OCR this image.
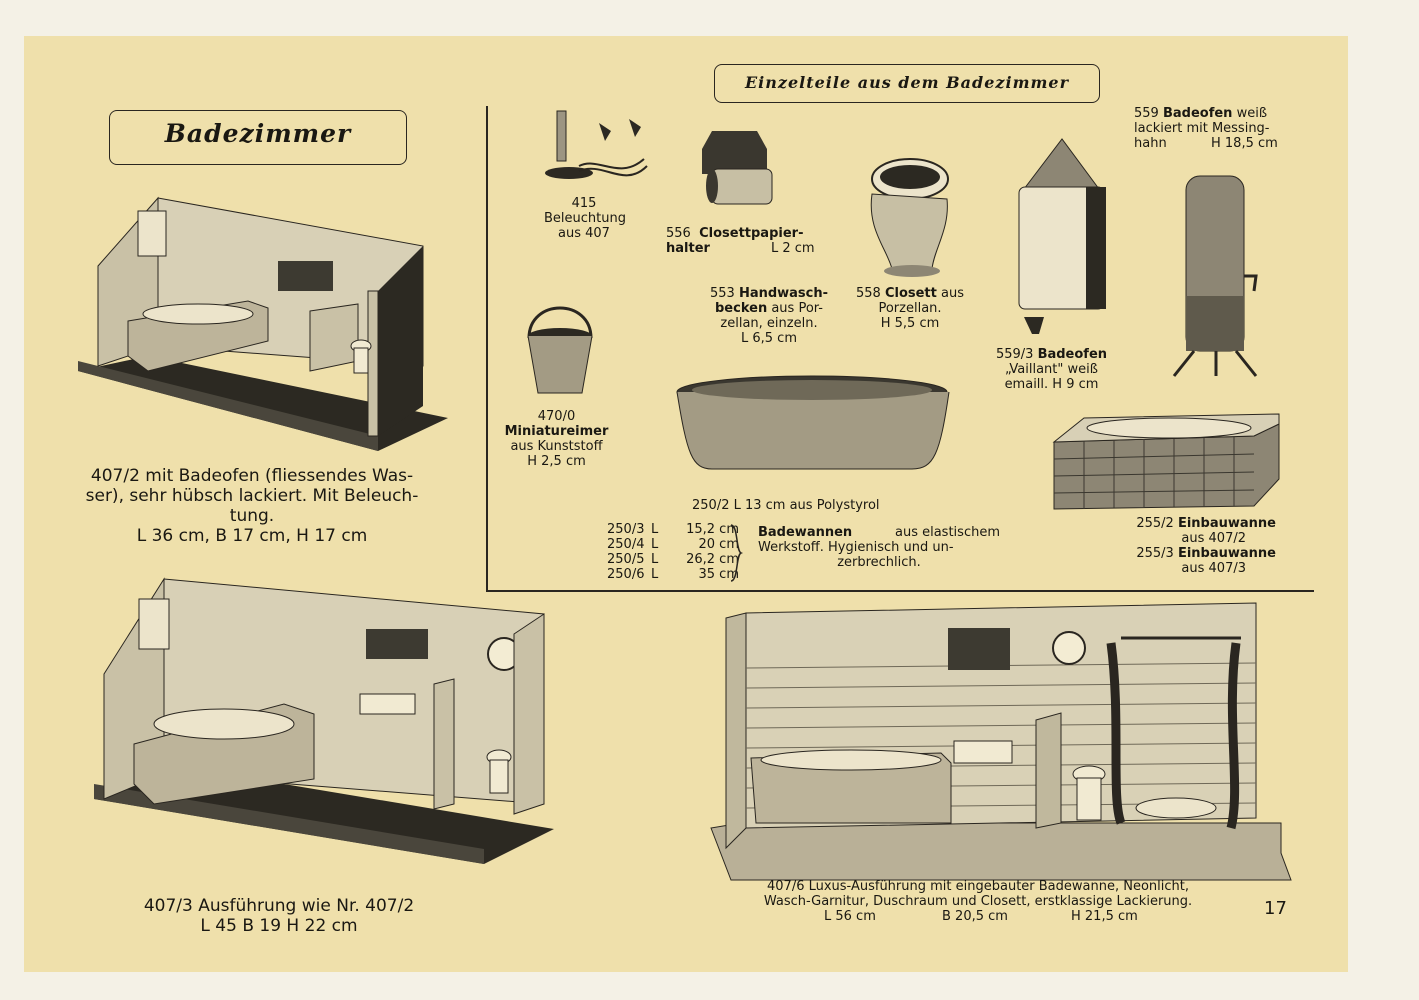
Badezimmer
Einzelteile aus dem Badezimmer
407/2 mit Badeofen (fliessendes Was-
ser), sehr hübsch lackiert. Mit Beleuch-
tung.
L 36 cm, B 17 cm, H 17 cm
407/3 Ausführung wie Nr. 407/2
L 45 B 19 H 22 cm
407/6 Luxus-Ausführung mit eingebauter Badewanne, Neonlicht,
Wasch-Garnitur, Duschraum und Closett, erstklassige Lackierung.
L 56 cm	B 20,5 cm	H 21,5 cm
415
Beleuchtung
aus 407	556 Closettpapier-
halter	L 2 cm
558 Closett aus
Porzellan.
H 5,5 cm
553 Handwasch-
becken aus Por-
zellan, einzeln.
L 6,5 cm
559/3 Badeofen
„Vaillant" weiß
emaill. H 9 cm
559 Badeofen weiß
lackiert mit Messing-
hahn	H 18,5 cm
470/0
Miniatureimer
aus Kunststoff
H 2,5 cm
250/2 L 13 cm aus Polystyrol
250/3 L 15,2 cm
250/4 L	20 cm
250/5 L 26,2 cm
250/6 L	35 cm
Badewannen	aus elastischem
Werkstoff. Hygienisch und un-
zerbrechlich.
255/2 Einbauwanne
aus 407/2
255/3 Einbauwanne
aus 407/3
17
